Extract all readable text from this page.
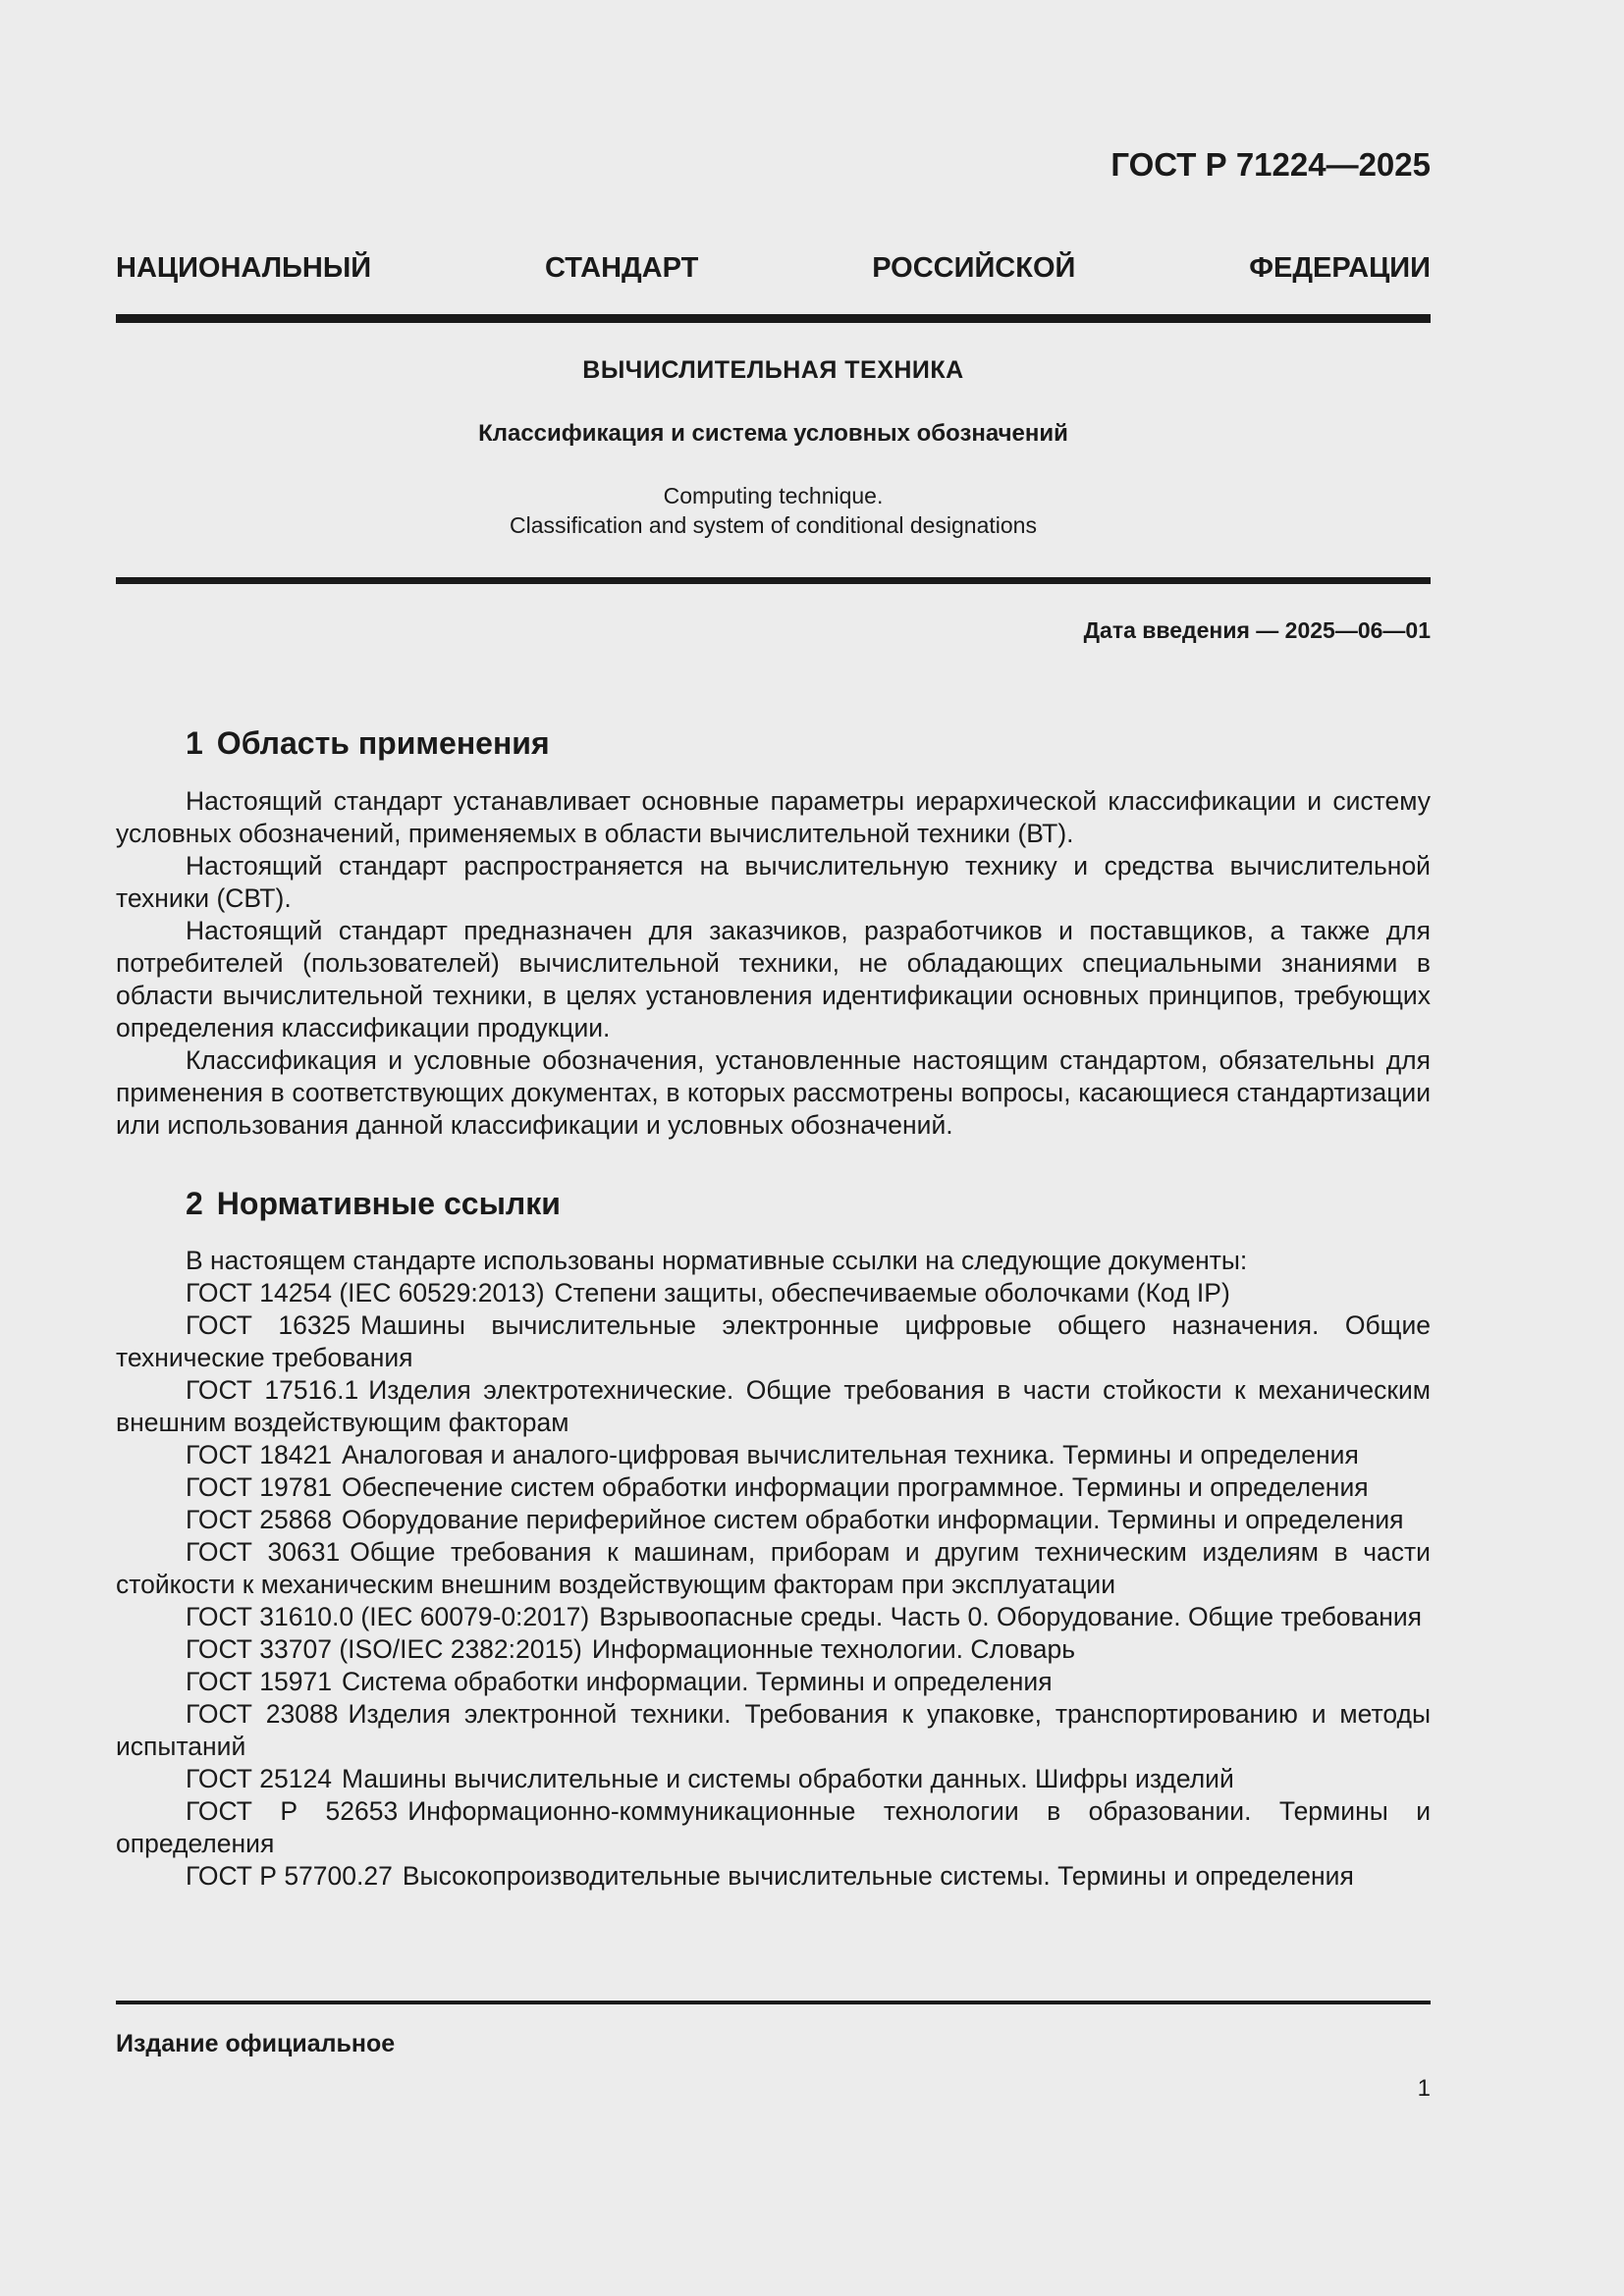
ГОСТ Р 71224—2025
НАЦИОНАЛЬНЫЙ СТАНДАРТ РОССИЙСКОЙ ФЕДЕРАЦИИ
ВЫЧИСЛИТЕЛЬНАЯ ТЕХНИКА
Классификация и система условных обозначений
Computing technique.
Classification and system of conditional designations
Дата введения — 2025—06—01
1 Область применения

Настоящий стандарт устанавливает основные параметры иерархической классификации и систему условных обозначений, применяемых в области вычислительной техники (ВТ).

Настоящий стандарт распространяется на вычислительную технику и средства вычислительной техники (СВТ).

Настоящий стандарт предназначен для заказчиков, разработчиков и поставщиков, а также для потребителей (пользователей) вычислительной техники, не обладающих специальными знаниями в области вычислительной техники, в целях установления идентификации основных принципов, требующих определения классификации продукции.

Классификация и условные обозначения, установленные настоящим стандартом, обязательны для применения в соответствующих документах, в которых рассмотрены вопросы, касающиеся стандартизации или использования данной классификации и условных обозначений.

2 Нормативные ссылки

В настоящем стандарте использованы нормативные ссылки на следующие документы:

ГОСТ 14254 (IEC 60529:2013) Степени защиты, обеспечиваемые оболочками (Код IP)

ГОСТ 16325 Машины вычислительные электронные цифровые общего назначения. Общие технические требования

ГОСТ 17516.1 Изделия электротехнические. Общие требования в части стойкости к механическим внешним воздействующим факторам

ГОСТ 18421 Аналоговая и аналого-цифровая вычислительная техника. Термины и определения

ГОСТ 19781 Обеспечение систем обработки информации программное. Термины и определения

ГОСТ 25868 Оборудование периферийное систем обработки информации. Термины и определения

ГОСТ 30631 Общие требования к машинам, приборам и другим техническим изделиям в части стойкости к механическим внешним воздействующим факторам при эксплуатации

ГОСТ 31610.0 (IEC 60079-0:2017) Взрывоопасные среды. Часть 0. Оборудование. Общие требования

ГОСТ 33707 (ISO/IEC 2382:2015) Информационные технологии. Словарь

ГОСТ 15971 Система обработки информации. Термины и определения

ГОСТ 23088 Изделия электронной техники. Требования к упаковке, транспортированию и методы испытаний

ГОСТ 25124 Машины вычислительные и системы обработки данных. Шифры изделий

ГОСТ Р 52653 Информационно-коммуникационные технологии в образовании. Термины и определения

ГОСТ Р 57700.27 Высокопроизводительные вычислительные системы. Термины и определения

Издание официальное
1
